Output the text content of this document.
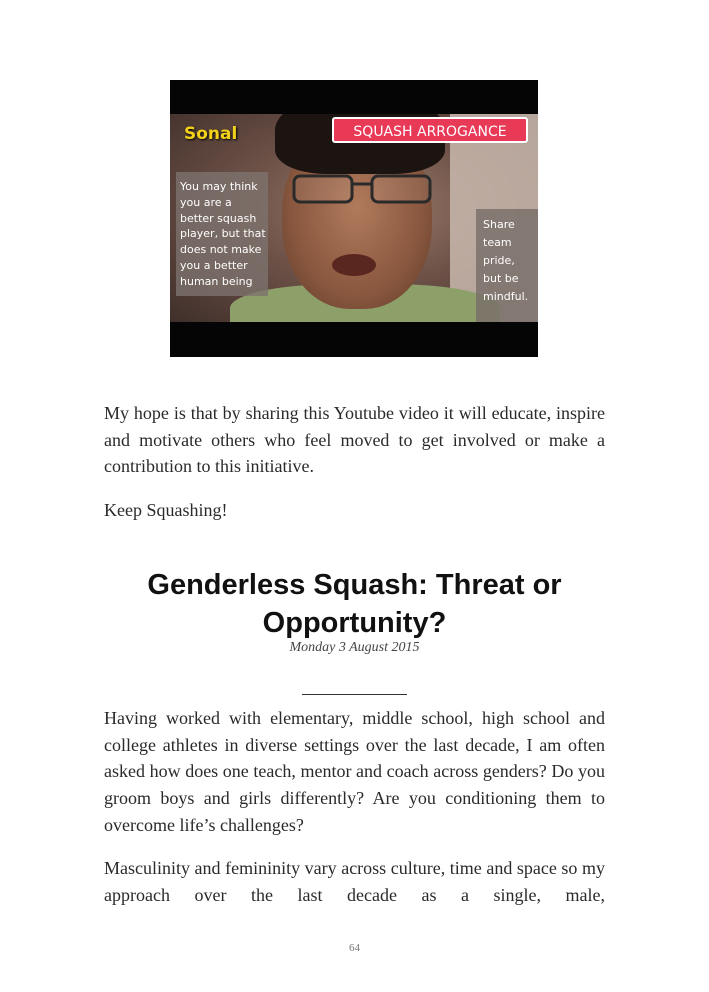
Sonal	SQUASH ARROGANCE
You may think
you are a
better squash
player, but that
does not make
you a better
human being
Share
team
pride,
but be
mindful.

My hope is that by sharing this Youtube video it will educate, inspire and motivate others who feel moved to get involved or make a contribution to this initiative.

Keep Squashing!

Genderless Squash: Threat or
Opportunity?
Monday 3 August 2015

Having worked with elementary, middle school, high school and college athletes in diverse settings over the last decade, I am often asked how does one teach, mentor and coach across genders? Do you groom boys and girls differently? Are you conditioning them to overcome life’s challenges?

Masculinity and femininity vary across culture, time and space so my approach over the last decade as a single, male,

64
